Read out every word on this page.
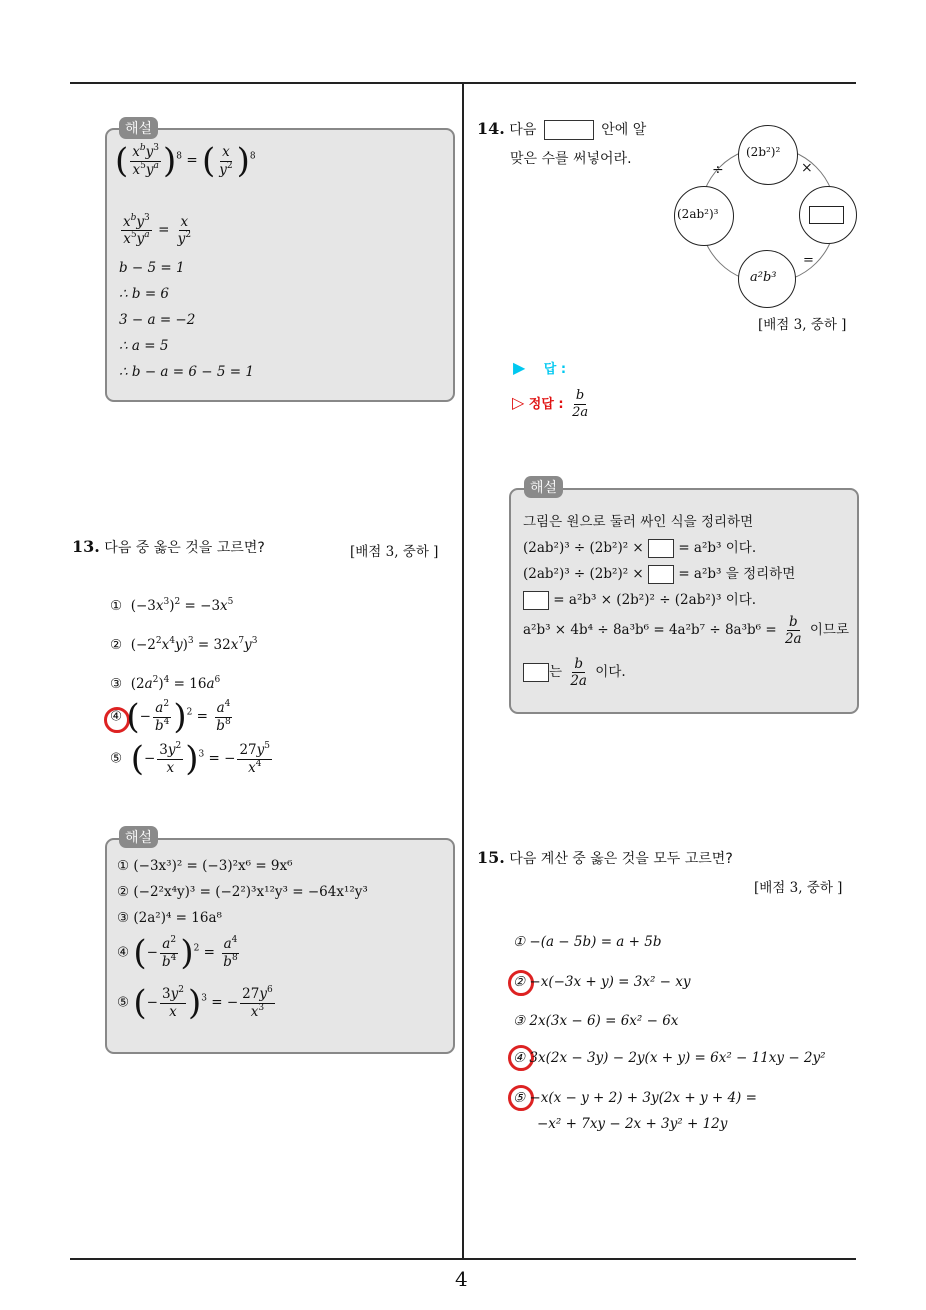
4
( $x^by^3$
$x^5y^a$ )$^8$ = ( $\frac{x}{y^2} )^8$
$x^by^3$
$x^5y^a = \frac{x}{y^2}$
b − 5 = 1
∴ b = 6
3 − a = −2
∴ a = 5
∴ b − a = 6 − 5 = 1
해설
13. 다음 중 옳은 것을 고르면?	[배점 3, 중하 ]
①  $(-3x^3)^2 = -3x^5$
②  $(-2^2x^4y)^3 = 32x^7y^3$
③  $(2a^2)^4 = 16a^6$
④ (− $\frac{a^2}{b^4} )^2 = \frac{a^4}{b^8}$
⑤ (− $\frac{3y^2}{x} )^3$ = − $\frac{27y^5}{x^4}$
① (−3x³)² = (−3)²x⁶ = 9x⁶
② (−2²x⁴y)³ = (−2²)³x¹²y³ = −64x¹²y³
③ (2a²)⁴ = 16a⁸
④ (− $\frac{a^2}{b^4} )^2 = \frac{a^4}{b^8}$
⑤ (− $\frac{3y^2}{x} )^3$ = − $\frac{27y^6}{x^3}$
해설
14. 다음	안에 알
맞은 수를 써넣어라.	(2b²)²
(2ab²)³
a²b³
÷	×
=
[배점 3, 중하 ]
▶ 답 :
▷ 정답 : $\frac{b}{2a}$
그림은 원으로 둘러 싸인 식을 정리하면
(2ab²)³ ÷ (2b²)² ×	= a²b³ 이다.
(2ab²)³ ÷ (2b²)² ×	= a²b³ 을 정리하면
= a²b³ × (2b²)² ÷ (2ab²)³ 이다.
$a^2b^3 \times 4b^4 \div 8a^3b^6 = 4a^2b^7 \div 8a^3b^6 = \frac{b}{2a}$ 이므로
는 $\frac{b}{2a}$ 이다.
해설
15. 다음 계산 중 옳은 것을 모두 고르면?
[배점 3, 중하 ]
① −(a − 5b) = a + 5b
② −x(−3x + y) = 3x² − xy
③ 2x(3x − 6) = 6x² − 6x
④ 3x(2x − 3y) − 2y(x + y) = 6x² − 11xy − 2y²
⑤ −x(x − y + 2) + 3y(2x + y + 4) =
−x² + 7xy − 2x + 3y² + 12y
